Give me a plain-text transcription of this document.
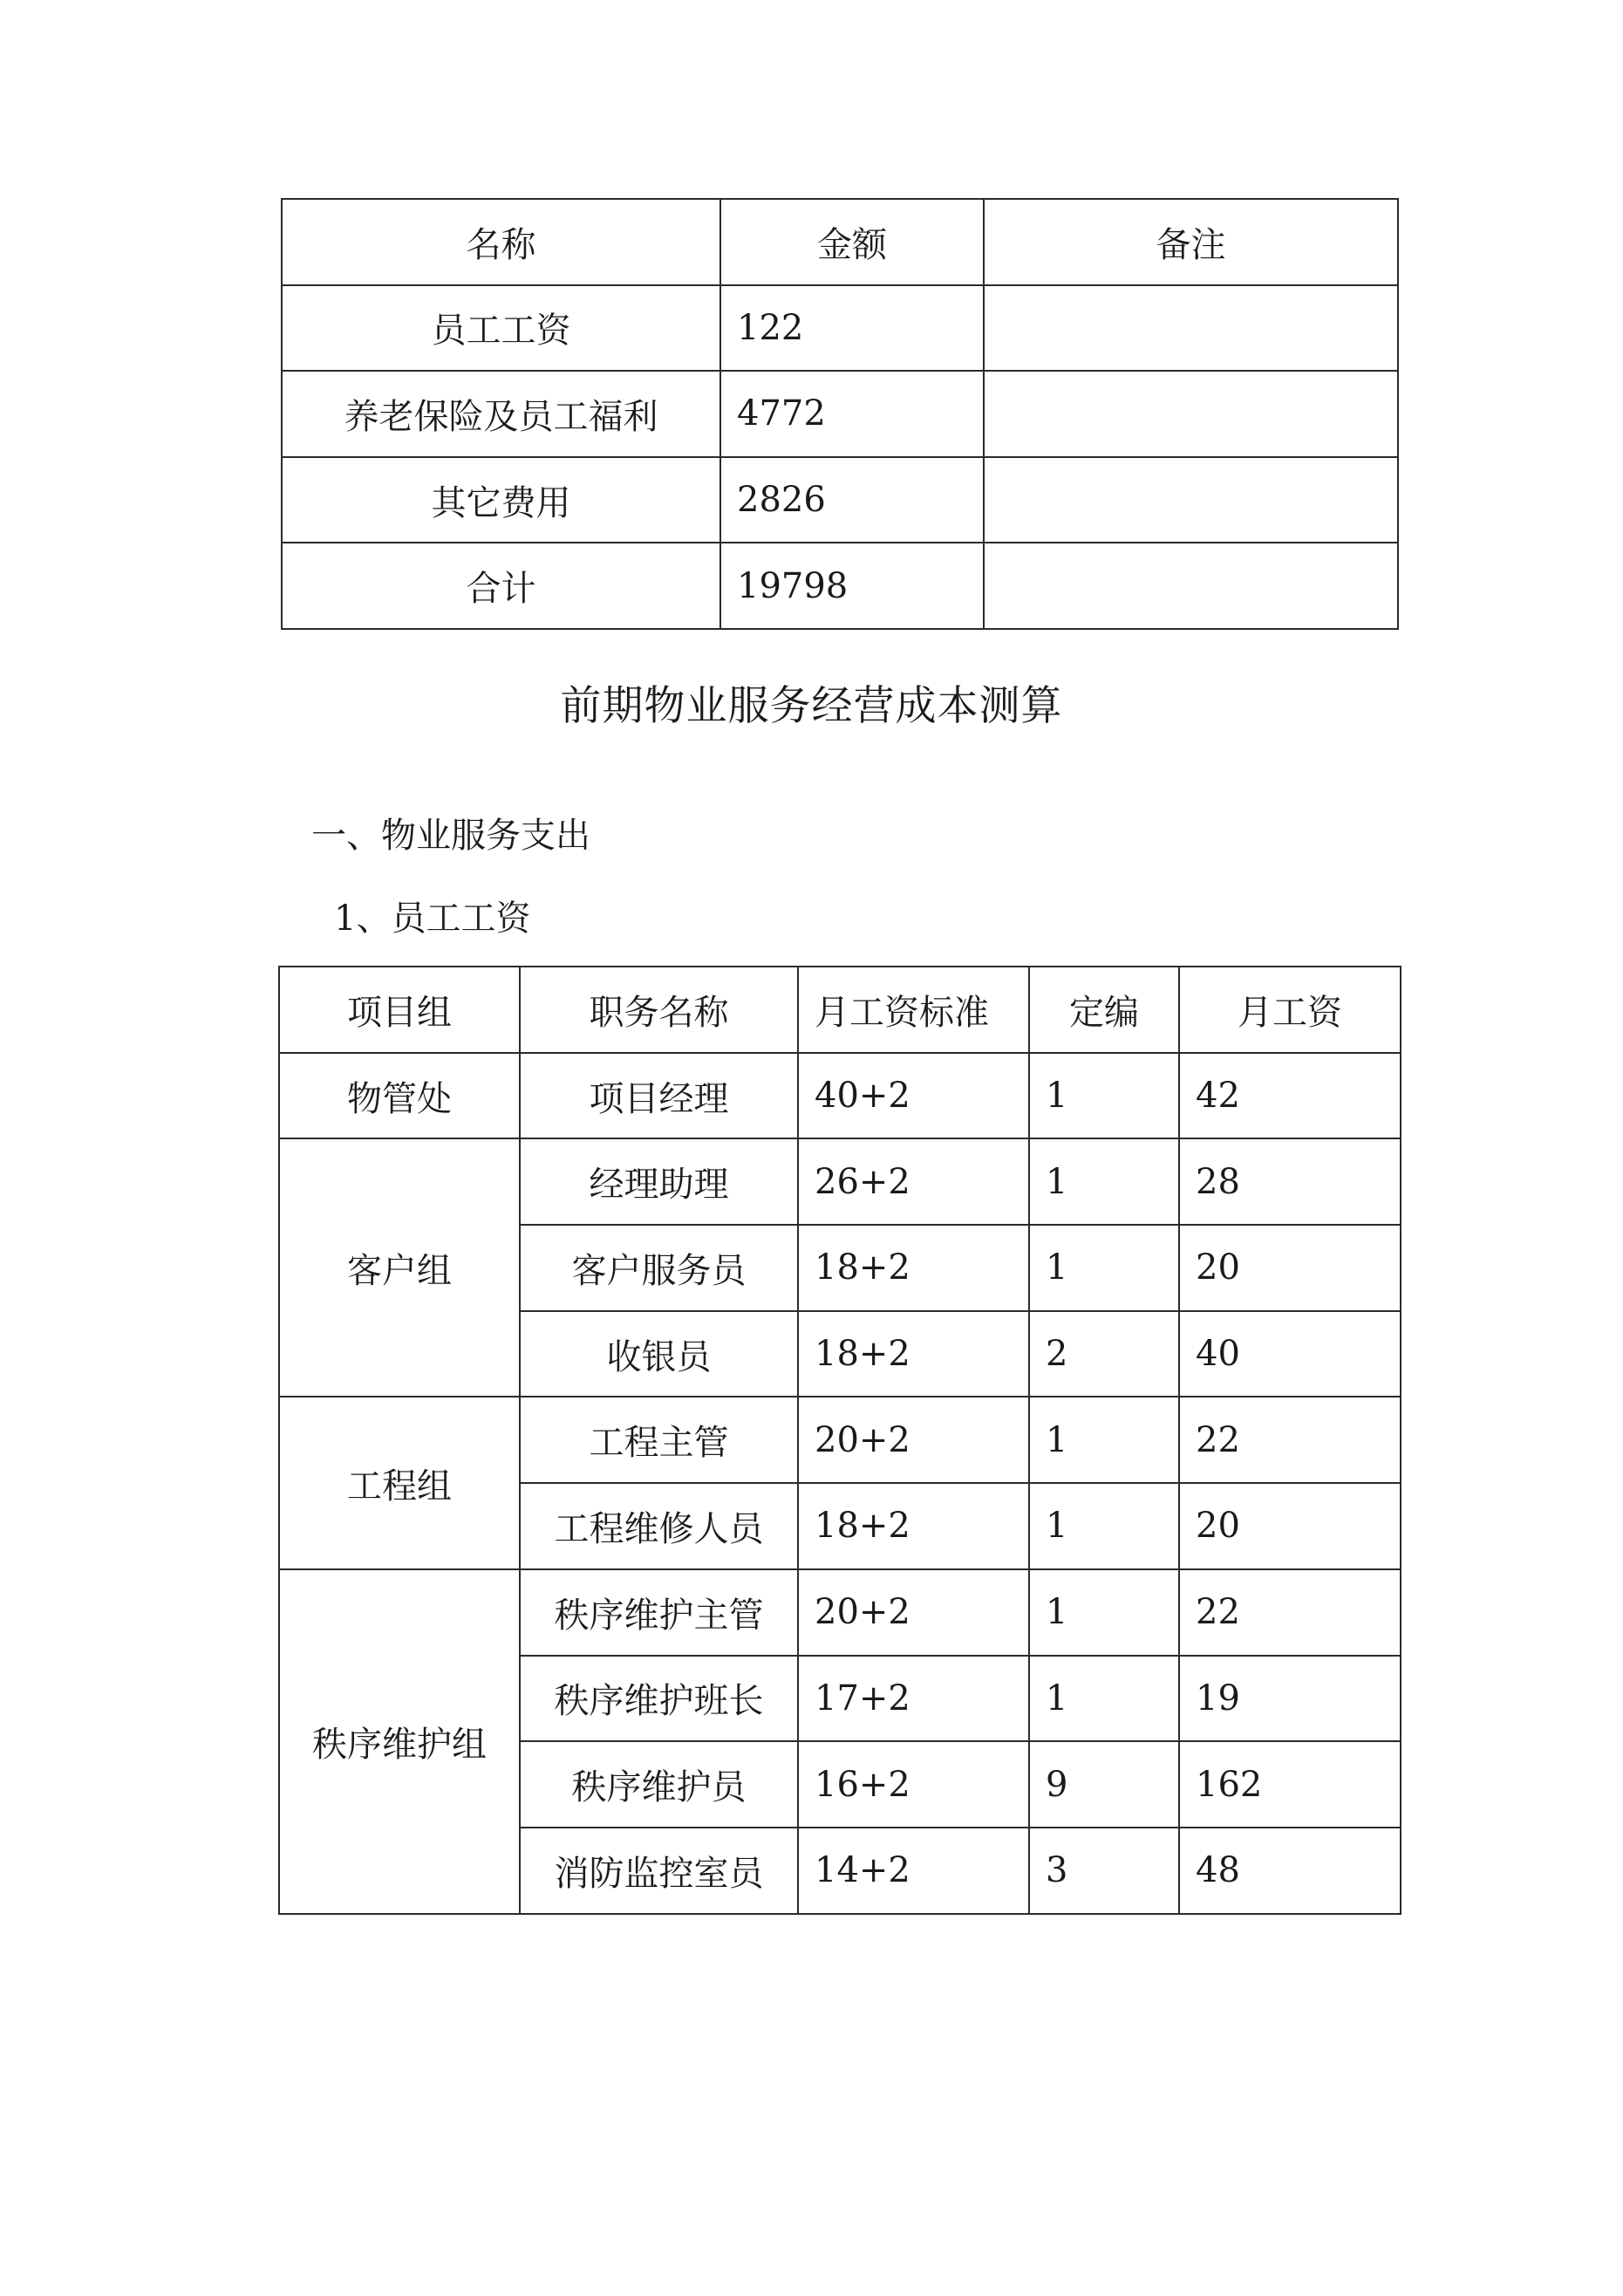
名称	金额	备注
员工工资	122	
养老保险及员工福利	4772	
其它费用	2826	
合计	19798	
前期物业服务经营成本测算
一、物业服务支出
1、员工工资
项目组	职务名称	月工资标准	定编	月工资
物管处	项目经理	40+2	1	42
客户组	经理助理	26+2	1	28
	客户服务员	18+2	1	20
	收银员	18+2	2	40
工程组	工程主管	20+2	1	22
	工程维修人员	18+2	1	20
秩序维护组	秩序维护主管	20+2	1	22
	秩序维护班长	17+2	1	19
	秩序维护员	16+2	9	162
	消防监控室员	14+2	3	48
